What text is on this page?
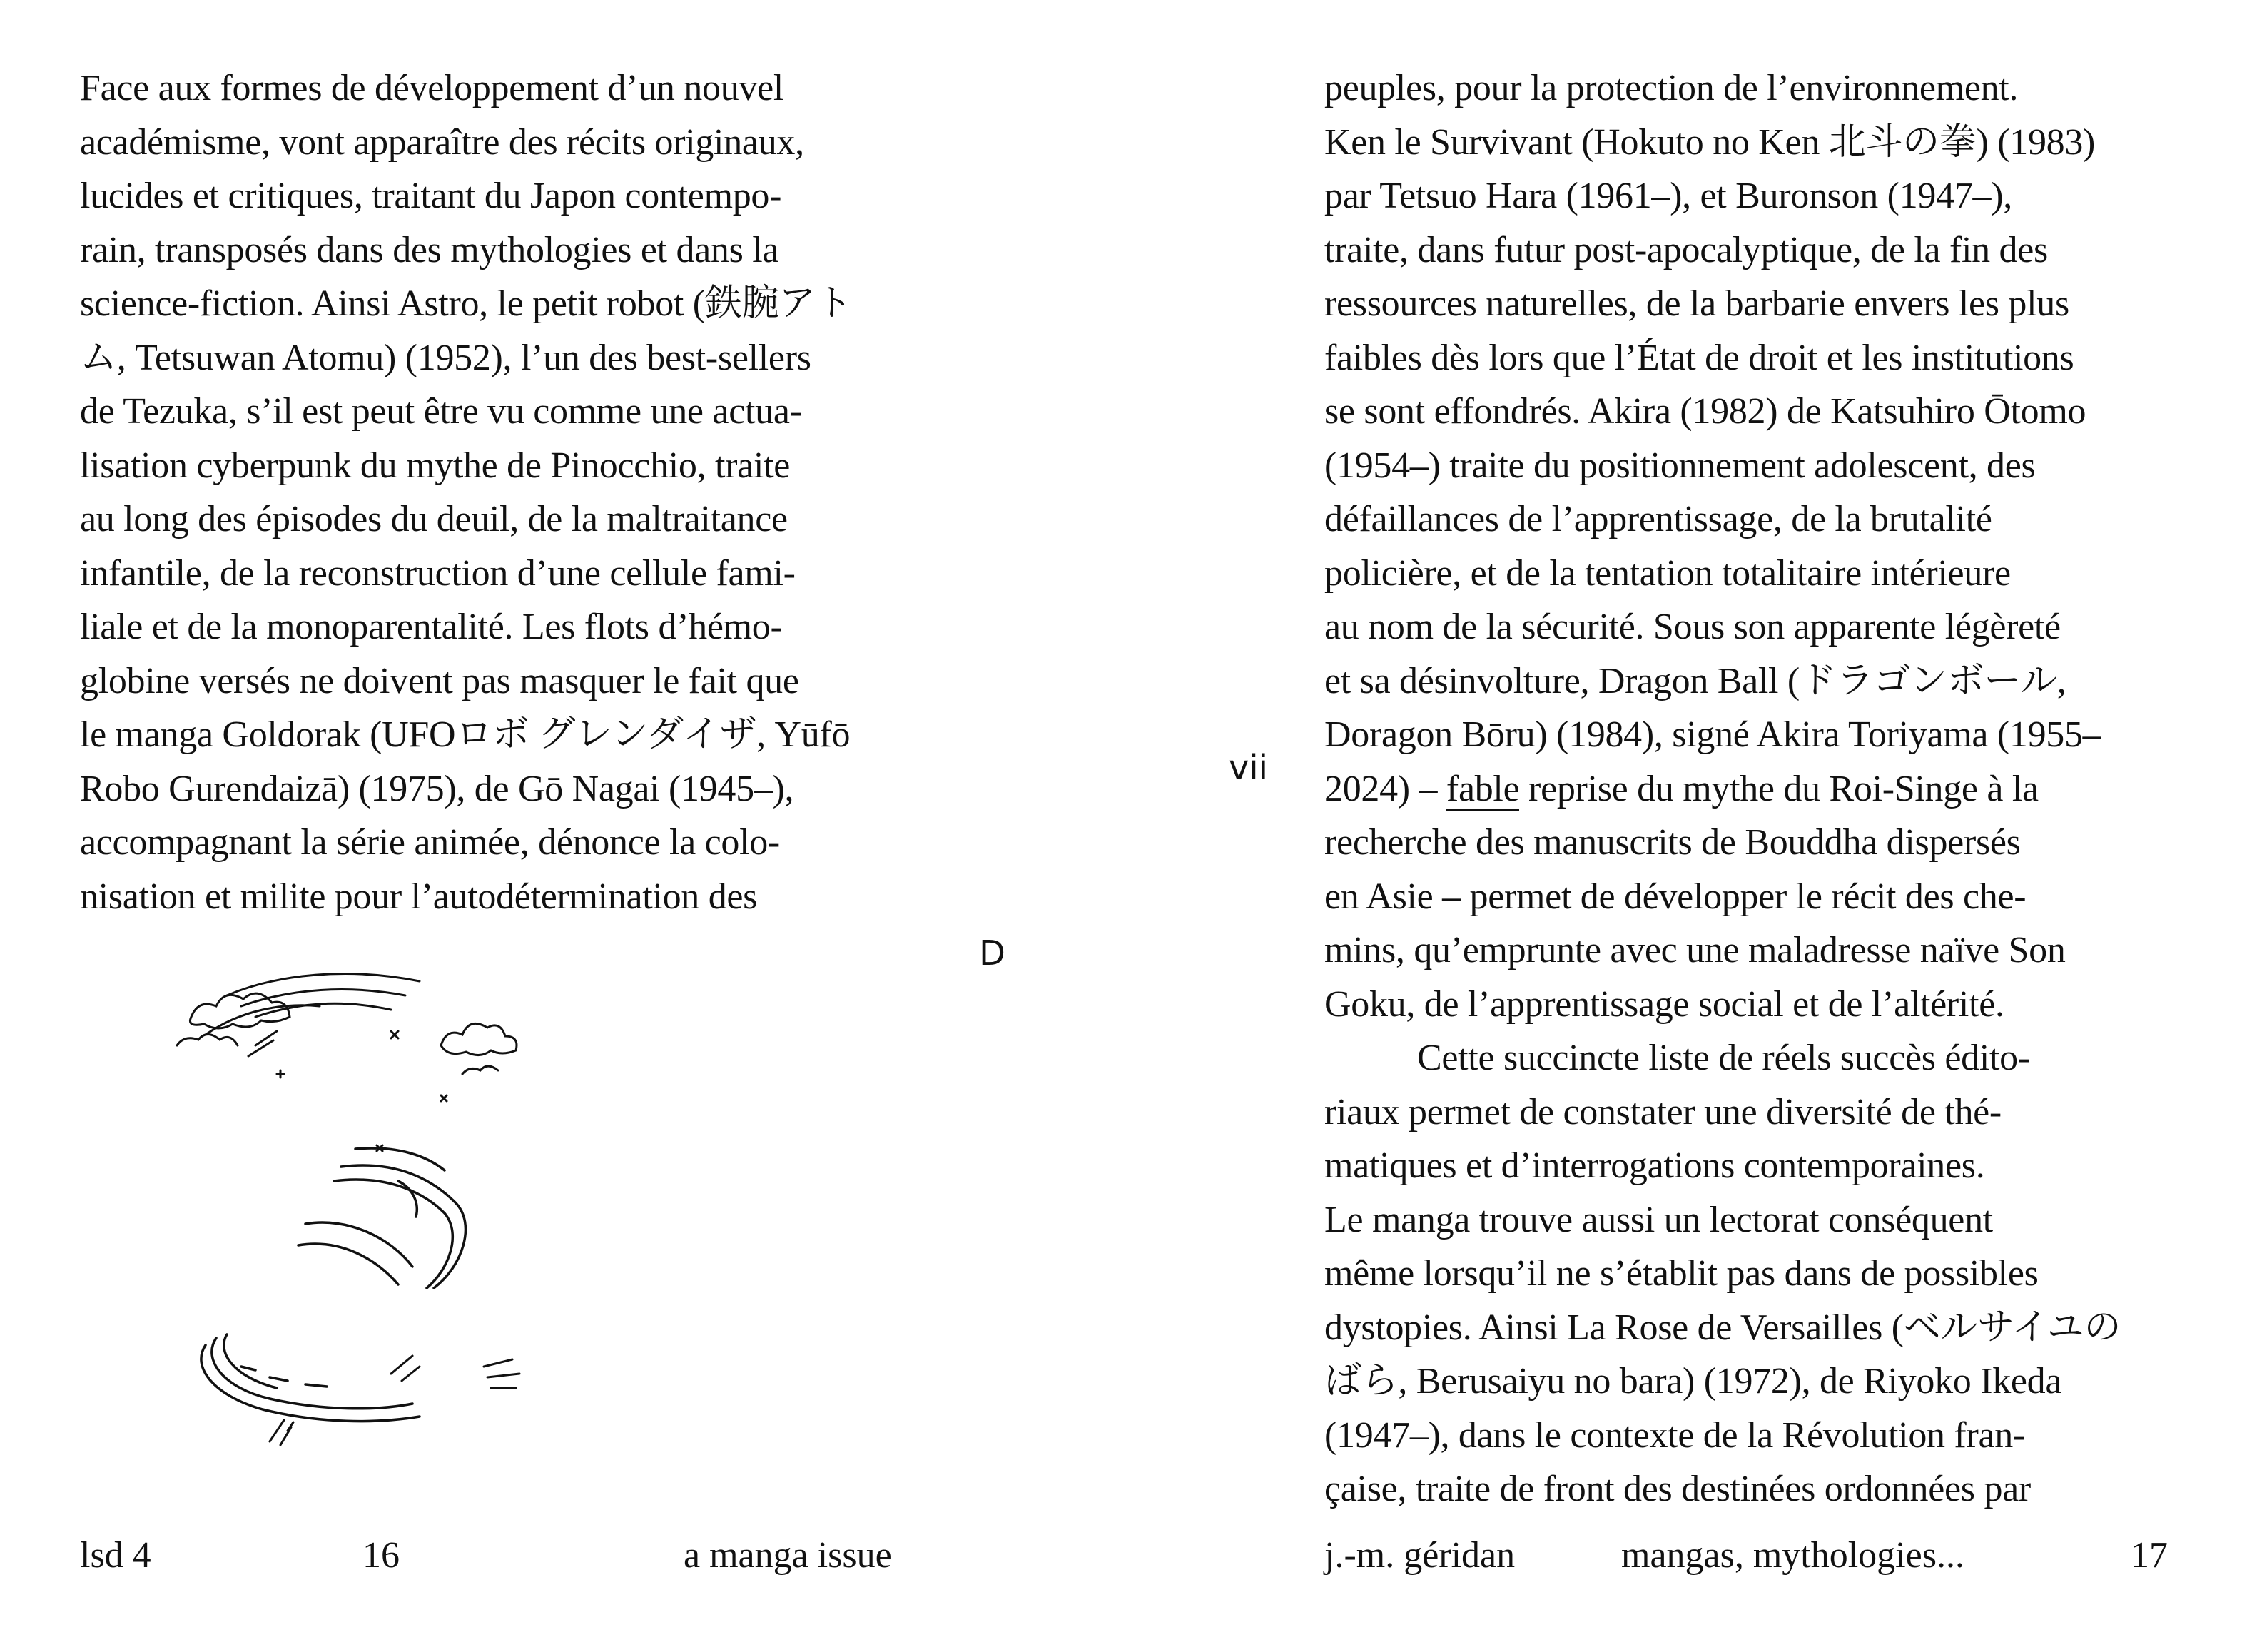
Face aux formes de développement d’un nouvel
académisme, vont apparaître des récits originaux,
lucides et critiques, traitant du Japon contempo-
rain, transposés dans des mythologies et dans la
science-fiction. Ainsi Astro, le petit robot (鉄腕アト
ム, Tetsuwan Atomu) (1952), l’un des best-sellers
de Tezuka, s’il est peut être vu comme une actua-
lisation cyberpunk du mythe de Pinocchio, traite
au long des épisodes du deuil, de la maltraitance
infantile, de la reconstruction d’une cellule fami-
liale et de la monoparentalité. Les flots d’hémo-
globine versés ne doivent pas masquer le fait que
le manga Goldorak (UFOロボ グレンダイザ, Yūfō
Robo Gurendaizā) (1975), de Gō Nagai (1945–),
accompagnant la série animée, dénonce la colo-
nisation et milite pour l’autodétermination des
D
vii
peuples, pour la protection de l’environnement.
Ken le Survivant (Hokuto no Ken 北斗の拳) (1983)
par Tetsuo Hara (1961–), et Buronson (1947–),
traite, dans futur post-apocalyptique, de la fin des
ressources naturelles, de la barbarie envers les plus
faibles dès lors que l’État de droit et les institutions
se sont effondrés. Akira (1982) de Katsuhiro Ōtomo
(1954–) traite du positionnement adolescent, des
défaillances de l’apprentissage, de la brutalité
policière, et de la tentation totalitaire intérieure
au nom de la sécurité. Sous son apparente légèreté
et sa désinvolture, Dragon Ball (ドラゴンボール,
Doragon Bōru) (1984), signé Akira Toriyama (1955–
2024) – fable reprise du mythe du Roi-Singe à la
recherche des manuscrits de Bouddha dispersés
en Asie – permet de développer le récit des che-
mins, qu’emprunte avec une maladresse naïve Son
Goku, de l’apprentissage social et de l’altérité.
Cette succincte liste de réels succès édito-
riaux permet de constater une diversité de thé-
matiques et d’interrogations contemporaines.
Le manga trouve aussi un lectorat conséquent
même lorsqu’il ne s’établit pas dans de possibles
dystopies. Ainsi La Rose de Versailles (ベルサイユの
ばら, Berusaiyu no bara) (1972), de Riyoko Ikeda
(1947–), dans le contexte de la Révolution fran-
çaise, traite de front des destinées ordonnées par
lsd 4	16	a manga issue	j.-m. géridan	mangas, mythologies...	17
